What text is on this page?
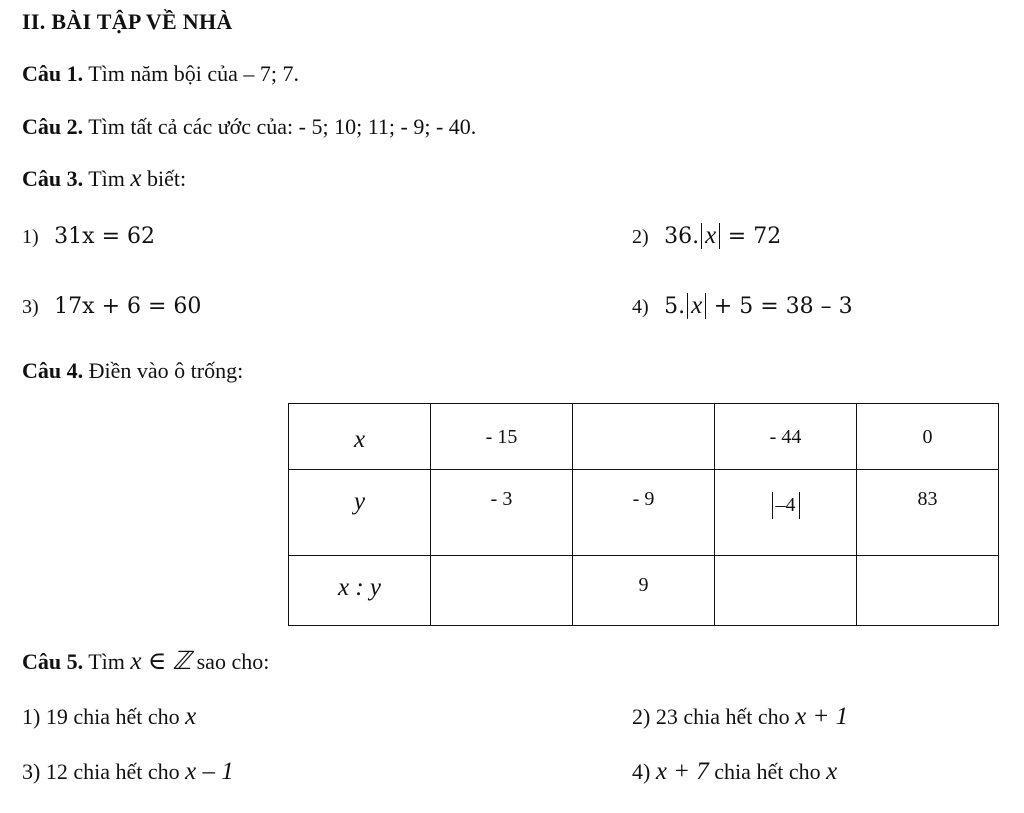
II. BÀI TẬP VỀ NHÀ
Câu 1. Tìm năm bội của – 7; 7.
Câu 2. Tìm tất cả các ước của: - 5; 10; 11; - 9; - 40.
Câu 3. Tìm x biết:
1) 31x = 62	2) 36. x = 72
3) 17x + 6 = 60	4) 5. x + 5 = 38 – 3
Câu 4. Điền vào ô trống:
x	- 15		- 44	0
y	- 3	- 9	–4	83
x : y		9		
Câu 5. Tìm x ∈ ℤ sao cho:
1) 19 chia hết cho x	2) 23 chia hết cho x + 1
3) 12 chia hết cho x – 1	4) x + 7 chia hết cho x
